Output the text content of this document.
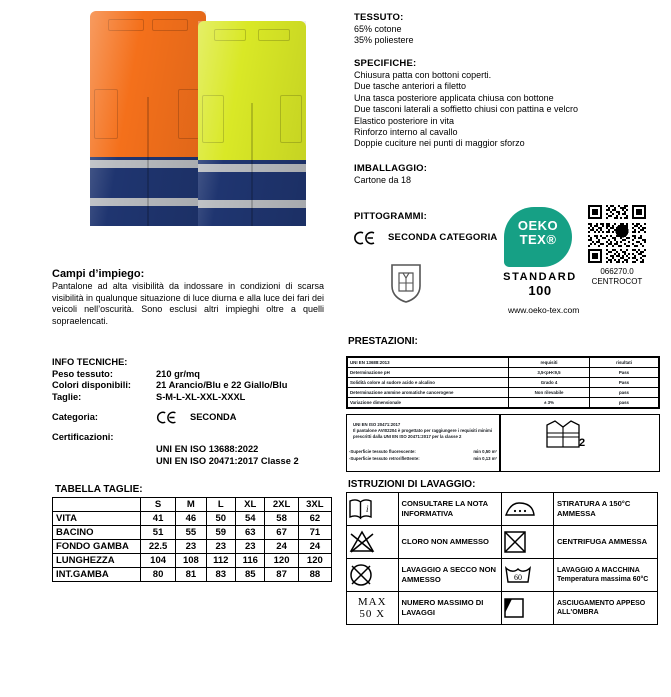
TESSUTO:
65% cotone
35% poliestere
SPECIFICHE:
Chiusura patta con bottoni coperti.
Due tasche anteriori a filetto
Una tasca posteriore applicata chiusa con bottone
Due tasconi laterali a soffietto chiusi con pattina e velcro
Elastico posteriore in vita
Rinforzo interno al cavallo
Doppie cuciture nei punti di maggior sforzo
IMBALLAGGIO:
Cartone da 18
PITTOGRAMMI:
SECONDA CATEGORIA
OEKO
TEX®
STANDARD
100
www.oeko-tex.com
066270.0
CENTROCOT
Campi d’impiego:

Pantalone ad alta visibilità da indossare in condizioni di scarsa visibilità in qualunque situazione di luce diurna e alla luce dei fari dei veicoli nell’oscurità. Sono esclusi altri impieghi oltre a quelli sopraelencati.

INFO TECNICHE:
Peso tessuto:	210 gr/mq
Colori disponibili:	21 Arancio/Blu e 22 Giallo/Blu
Taglie:	S-M-L-XL-XXL-XXXL
Categoria:	SECONDA
Certificazioni:
UNI EN ISO 13688:2022
UNI EN ISO 20471:2017 Classe 2
TABELLA TAGLIE:
	S	M	L	XL	2XL	3XL
VITA	41	46	50	54	58	62
BACINO	51	55	59	63	67	71
FONDO GAMBA	22.5	23	23	23	24	24
LUNGHEZZA	104	108	112	116	120	120
INT.GAMBA	80	81	83	85	87	88
PRESTAZIONI:
UNI EN 13688:2013	requisiti	risultati
Determinazione pH	3,5<pH<9,5	Pass
Solidità colore al sudore acido e alcalino	Grado 4	Pass
Determinazione ammine aromatiche cancerogene	Non rilevabile	pass
Variazione dimensionale	± 3%	pass
UNI EN ISO 20471:2017
Il pantalone AVI02204 è progettato per raggiungere i requisiti minimi prescritti dalla UNI EN ISO 20471:2017 per la classe 2
2
-Superficie tessuto fluorescente:	min 0,50 m²
-Superficie tessuto retroriflettente:	min 0,13 m²
ISTRUZIONI DI LAVAGGIO:
i	CONSULTARE LA NOTA INFORMATIVA		STIRATURA A 150°C AMMESSA

	CLORO NON AMMESSO		CENTRIFUGA AMMESSA

	LAVAGGIO A SECCO NON AMMESSO	60	LAVAGGIO A MACCHINA Temperatura massima 60°C

MAX
50 X	NUMERO MASSIMO DI LAVAGGI		ASCIUGAMENTO APPESO ALL'OMBRA
